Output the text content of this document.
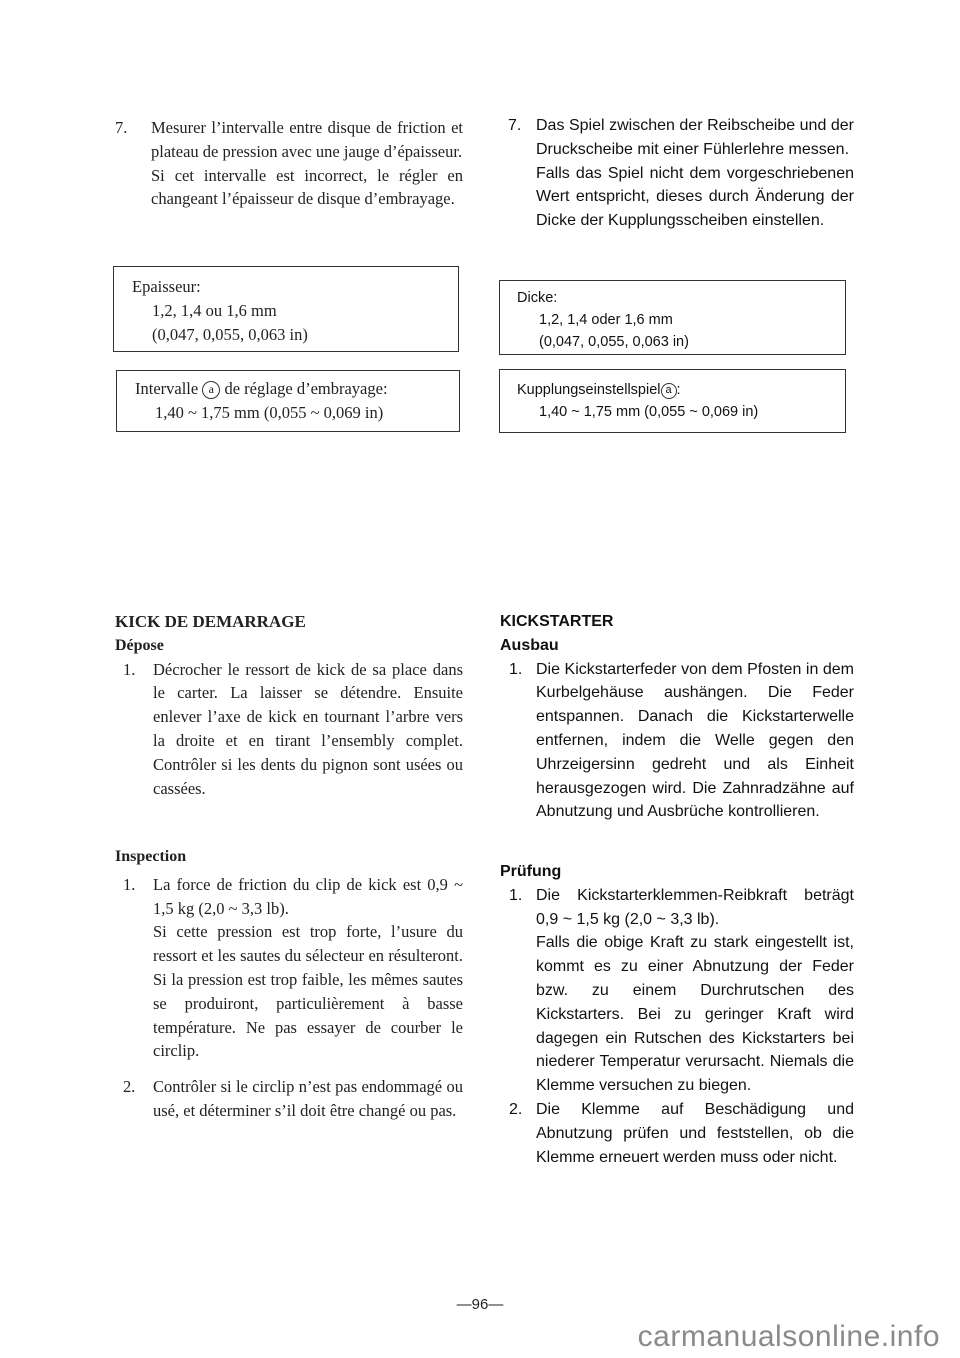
7.	Mesurer l’intervalle entre disque de friction et plateau de pression avec une jauge d’épaisseur.

Si cet intervalle est incorrect, le régler en changeant l’épaisseur de disque d’embrayage.

Epaisseur:
1,2, 1,4 ou 1,6 mm
(0,047, 0,055, 0,063 in)
Intervalle a de réglage d’embrayage:
1,40 ~ 1,75 mm (0,055 ~ 0,069 in)
KICK DE DEMARRAGE
Dépose
1.	Décrocher le ressort de kick de sa place dans le carter. La laisser se détendre. Ensuite enlever l’axe de kick en tournant l’arbre vers la droite et en tirant l’ensembly complet. Contrôler si les dents du pignon sont usées ou cassées.

Inspection
1.	La force de friction du clip de kick est 0,9 ~ 1,5 kg (2,0 ~ 3,3 lb).

Si cette pression est trop forte, l’usure du ressort et les sautes du sélecteur en résulteront. Si la pression est trop faible, les mêmes sautes se produiront, particulièrement à basse température. Ne pas essayer de courber le circlip.

2.	Contrôler si le circlip n’est pas endommagé ou usé, et déterminer s’il doit être changé ou pas.

7. Das Spiel zwischen der Reibscheibe und der Druckscheibe mit einer Fühlerlehre messen.

Falls das Spiel nicht dem vorgeschriebenen Wert entspricht, dieses durch Änderung der Dicke der Kupplungsscheiben einstellen.

Dicke:
1,2, 1,4 oder 1,6 mm
(0,047, 0,055, 0,063 in)
Kupplungseinstellspiel a :
1,40 ~ 1,75 mm (0,055 ~ 0,069 in)
KICKSTARTER
Ausbau
1. Die Kickstarterfeder von dem Pfosten in dem Kurbelgehäuse aushängen. Die Feder entspannen. Danach die Kickstarterwelle entfernen, indem die Welle gegen den Uhrzeigersinn gedreht und als Einheit herausgezogen wird. Die Zahnradzähne auf Abnutzung und Ausbrüche kontrollieren.

Prüfung
1. Die Kickstarterklemmen-Reibkraft beträgt 0,9 ~ 1,5 kg (2,0 ~ 3,3 lb).

Falls die obige Kraft zu stark eingestellt ist, kommt es zu einer Abnutzung der Feder bzw. zu einem Durchrutschen des Kickstarters. Bei zu geringer Kraft wird dagegen ein Rutschen des Kickstarters bei niederer Temperatur verursacht. Niemals die Klemme versuchen zu biegen.

2. Die Klemme auf Beschädigung und Abnutzung prüfen und feststellen, ob die Klemme erneuert werden muss oder nicht.

—96—
carmanualsonline.info
